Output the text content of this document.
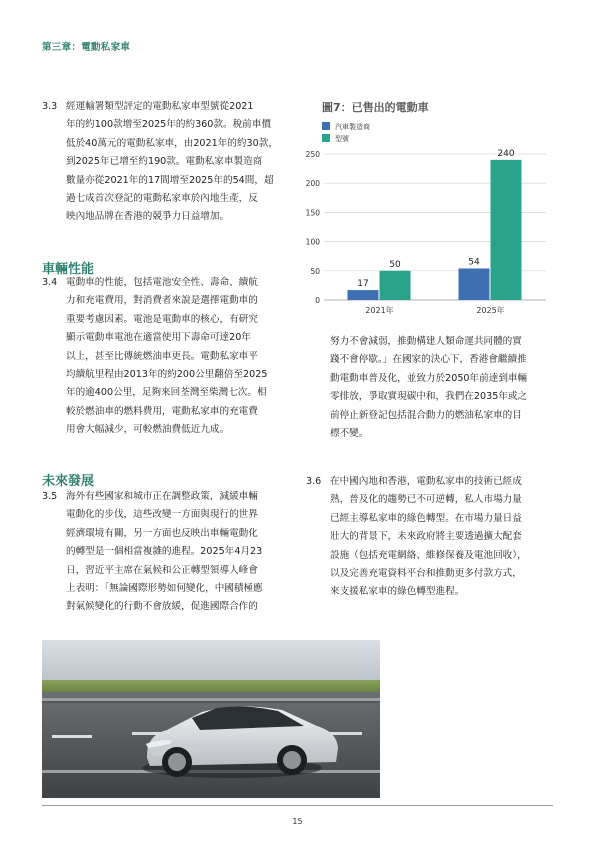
第三章：電動私家車
3.3 經運輸署類型評定的電動私家車型號從2021
年的約100款增至2025年的約360款。稅前車價
低於40萬元的電動私家車，由2021年的約30款，
到2025年已增至約190款。電動私家車製造商
數量亦從2021年的17間增至2025年的54間，超
過七成首次登記的電動私家車於內地生產，反
映內地品牌在香港的競爭力日益增加。
車輛性能
3.4 電動車的性能，包括電池安全性、壽命、續航
力和充電費用，對消費者來說是選擇電動車的
重要考慮因素。電池是電動車的核心，有研究
顯示電動車電池在適當使用下壽命可達20年
以上，甚至比傳統燃油車更長。電動私家車平
均續航里程由2013年的約200公里翻倍至2025
年的逾400公里，足夠來回荃灣至柴灣七次。相
較於燃油車的燃料費用，電動私家車的充電費
用會大幅減少，可較燃油費低近九成。
未來發展
3.5 海外有些國家和城市正在調整政策，減緩車輛
電動化的步伐，這些改變一方面與現行的世界
經濟環境有關，另一方面也反映出車輛電動化
的轉型是一個相當複雜的進程。2025年4月23
日，習近平主席在氣候和公正轉型領導人峰會
上表明：「無論國際形勢如何變化，中國積極應
對氣候變化的行動不會放緩，促進國際合作的
圖7：已售出的電動車
汽車製造商
型號
0
50
100
150
200
250
17
50
2021年
54
240
2025年
努力不會減弱，推動構建人類命運共同體的實
踐不會停歇。」在國家的決心下，香港會繼續推
動電動車普及化，並致力於2050年前達到車輛
零排放，爭取實現碳中和，我們在2035年或之
前停止新登記包括混合動力的燃油私家車的目
標不變。
3.6 在中國內地和香港，電動私家車的技術已經成
熟，普及化的趨勢已不可逆轉，私人市場力量
已經主導私家車的綠色轉型。在市場力量日益
壯大的背景下，未來政府將主要透過擴大配套
設施（包括充電網絡、維修保養及電池回收），
以及完善充電資料平台和推動更多付款方式，
來支援私家車的綠色轉型進程。
15
